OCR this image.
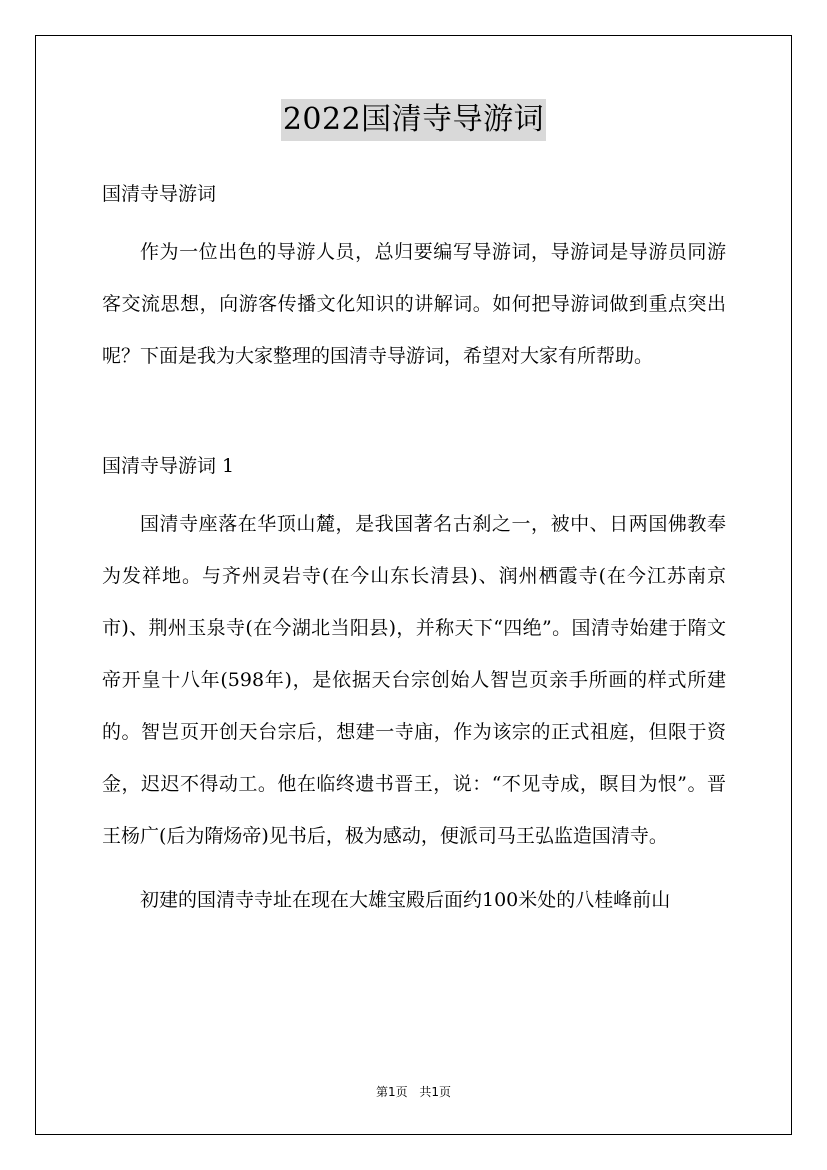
2022国清寺导游词

国清寺导游词

作为一位出色的导游人员，总归要编写导游词，导游词是导游员同游客交流思想，向游客传播文化知识的讲解词。如何把导游词做到重点突出呢？下面是我为大家整理的国清寺导游词，希望对大家有所帮助。

国清寺导游词 1

国清寺座落在华顶山麓，是我国著名古刹之一，被中、日两国佛教奉为发祥地。与齐州灵岩寺(在今山东长清县)、润州栖霞寺(在今江苏南京市)、荆州玉泉寺(在今湖北当阳县)，并称天下“四绝”。国清寺始建于隋文帝开皇十八年(598年)，是依据天台宗创始人智岂页亲手所画的样式所建的。智岂页开创天台宗后，想建一寺庙，作为该宗的正式祖庭，但限于资金，迟迟不得动工。他在临终遗书晋王，说：“不见寺成，瞑目为恨”。晋王杨广(后为隋炀帝)见书后，极为感动，便派司马王弘监造国清寺。

初建的国清寺寺址在现在大雄宝殿后面约100米处的八桂峰前山

第1页 共1页
